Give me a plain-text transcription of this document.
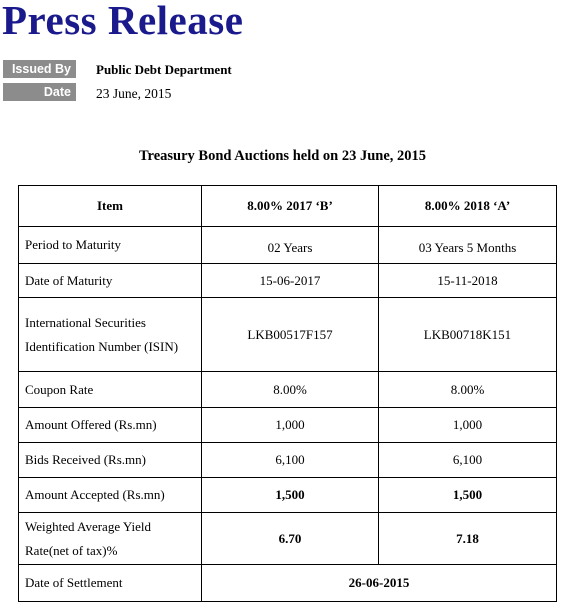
Press Release
Issued By	Public Debt Department
Date	23 June, 2015
Treasury Bond Auctions held on 23 June, 2015
Item	8.00% 2017 ‘B’	8.00% 2018 ‘A’
Period to Maturity	02 Years	03 Years 5 Months
Date of Maturity	15-06-2017	15-11-2018
International Securities Identification Number (ISIN)	LKB00517F157	LKB00718K151
Coupon Rate	8.00%	8.00%
Amount Offered (Rs.mn)	1,000	1,000
Bids Received (Rs.mn)	6,100	6,100
Amount Accepted (Rs.mn)	1,500	1,500
Weighted Average Yield Rate(net of tax)%	6.70	7.18
Date of Settlement	26-06-2015	
